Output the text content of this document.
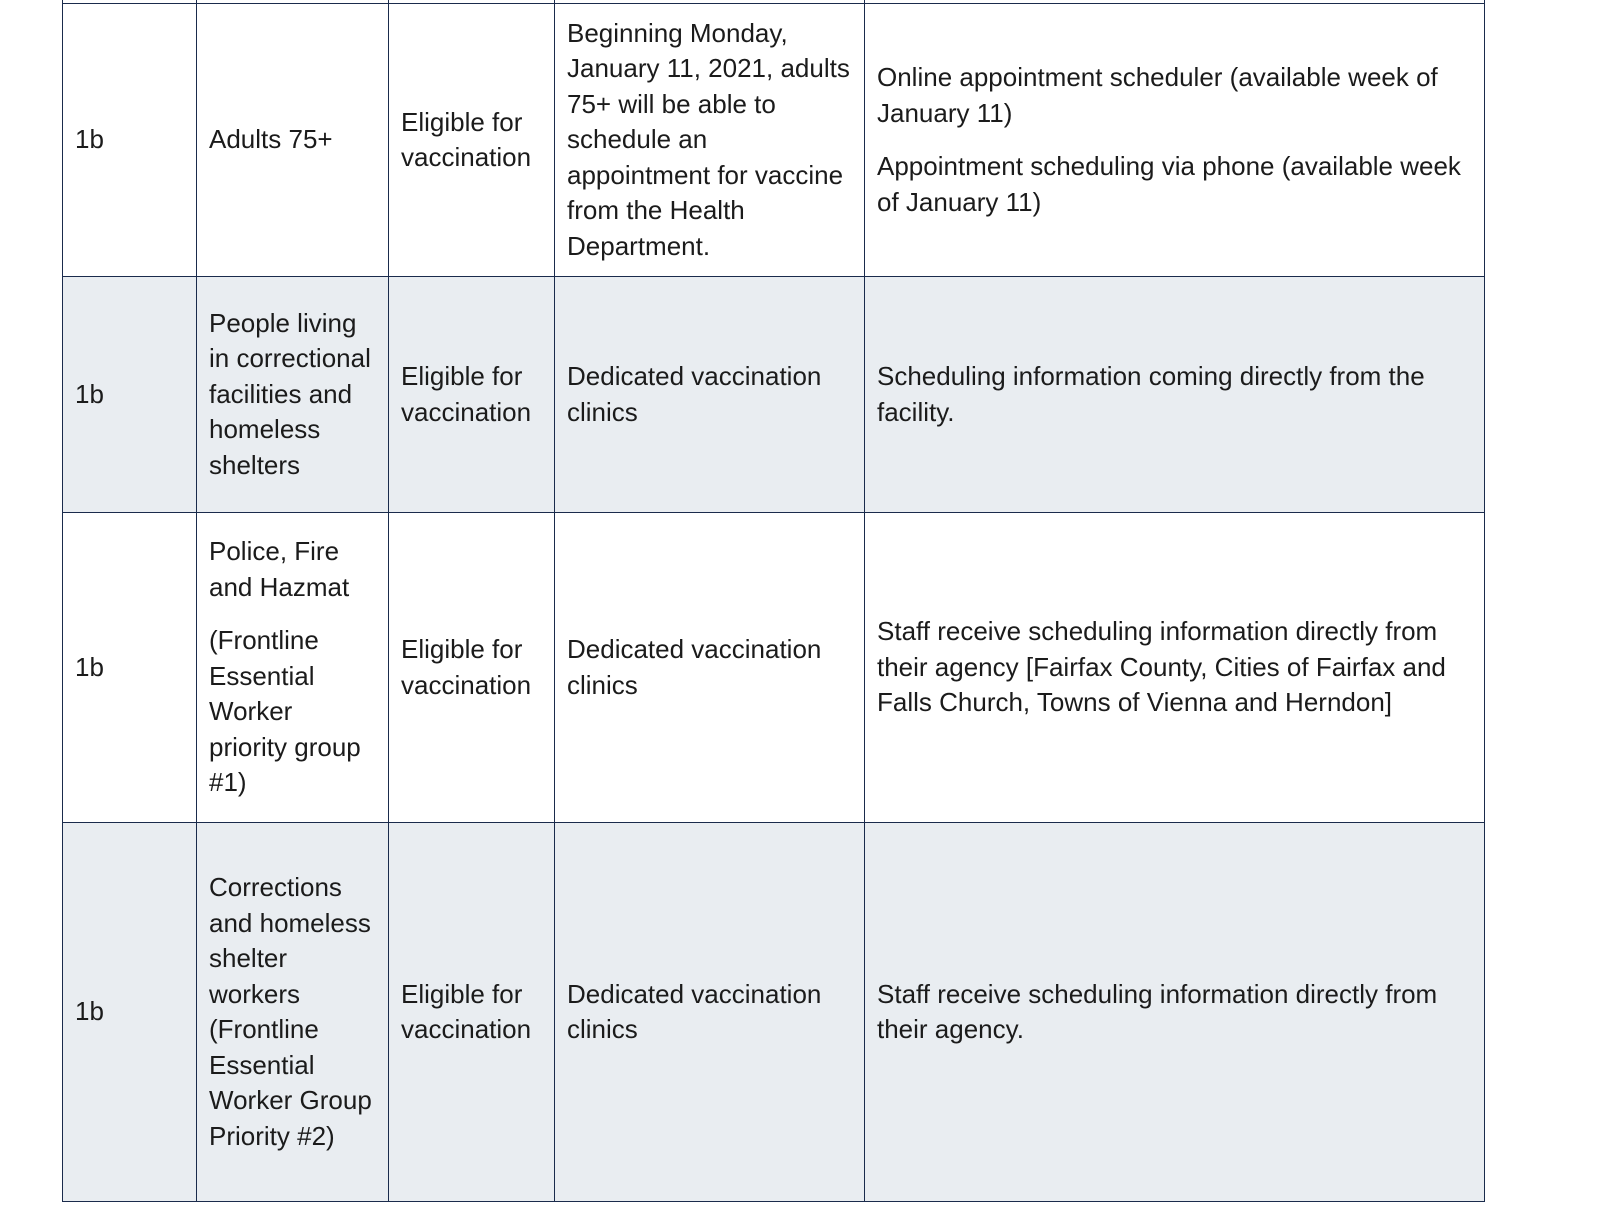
1b	Adults 75+	Eligible for vaccination	Beginning Monday, January 11, 2021, adults 75+ will be able to schedule an appointment for vaccine from the Health Department.	Online appointment scheduler (available week of January 11)
Appointment scheduling via phone (available week of January 11)

1b	People living in correctional facilities and homeless shelters	Eligible for vaccination	Dedicated vaccination clinics	Scheduling information coming directly from the facility.

1b	Police, Fire and Hazmat
(Frontline Essential Worker priority group #1)	Eligible for vaccination	Dedicated vaccination clinics	Staff receive scheduling information directly from their agency [Fairfax County, Cities of Fairfax and Falls Church, Towns of Vienna and Herndon]

1b	Corrections and homeless shelter workers (Frontline Essential Worker Group Priority #2)	Eligible for vaccination	Dedicated vaccination clinics	Staff receive scheduling information directly from their agency.
